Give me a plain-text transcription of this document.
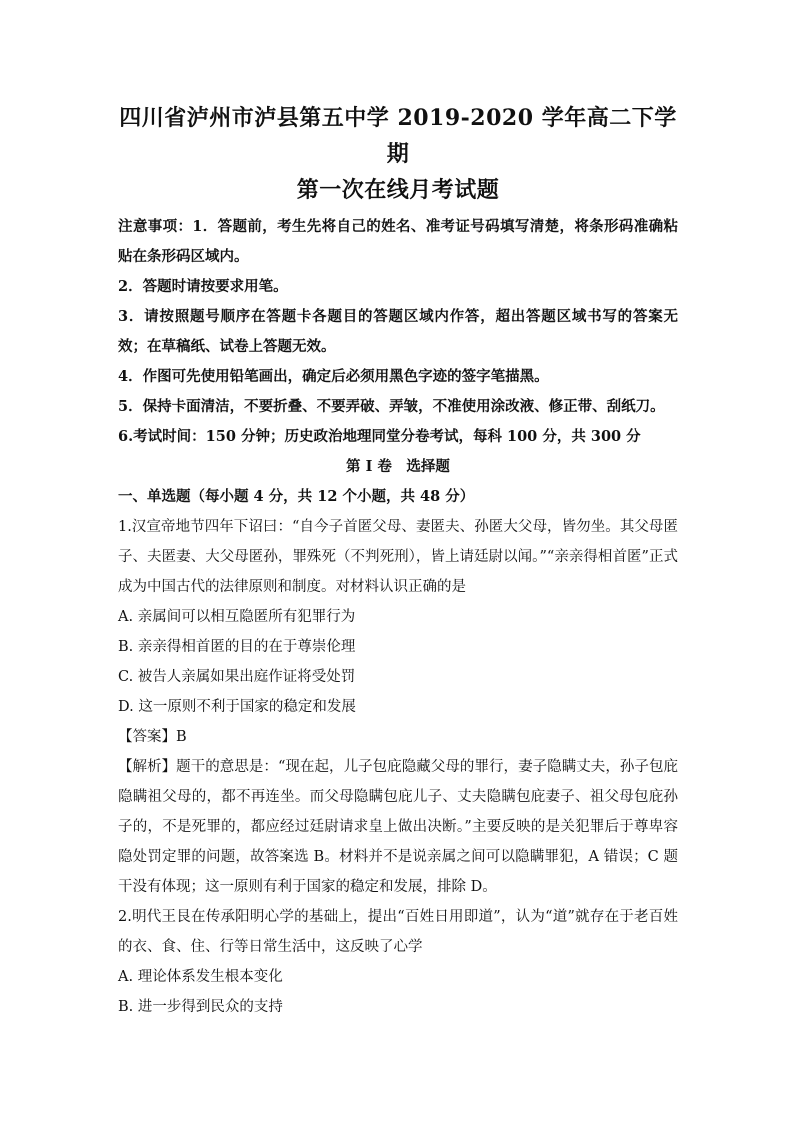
四川省泸州市泸县第五中学 2019-2020 学年高二下学期
第一次在线月考试题

注意事项：1．答题前，考生先将自己的姓名、准考证号码填写清楚，将条形码准确粘贴在条形码区域内。

2．答题时请按要求用笔。

3．请按照题号顺序在答题卡各题目的答题区域内作答，超出答题区域书写的答案无效；在草稿纸、试卷上答题无效。

4．作图可先使用铅笔画出，确定后必须用黑色字迹的签字笔描黑。

5．保持卡面清洁，不要折叠、不要弄破、弄皱，不准使用涂改液、修正带、刮纸刀。

6.考试时间：150 分钟；历史政治地理同堂分卷考试，每科 100 分，共 300 分

第 I 卷　选择题

一、单选题（每小题 4 分，共 12 个小题，共 48 分）

1.汉宣帝地节四年下诏曰：“自今子首匿父母、妻匿夫、孙匿大父母，皆勿坐。其父母匿子、夫匿妻、大父母匿孙，罪殊死（不判死刑），皆上请廷尉以闻。”“亲亲得相首匿”正式成为中国古代的法律原则和制度。对材料认识正确的是

A. 亲属间可以相互隐匿所有犯罪行为

B. 亲亲得相首匿的目的在于尊崇伦理

C. 被告人亲属如果出庭作证将受处罚

D. 这一原则不利于国家的稳定和发展

【答案】B

【解析】题干的意思是：“现在起，儿子包庇隐藏父母的罪行，妻子隐瞒丈夫，孙子包庇隐瞒祖父母的，都不再连坐。而父母隐瞒包庇儿子、丈夫隐瞒包庇妻子、祖父母包庇孙子的，不是死罪的，都应经过廷尉请求皇上做出决断。”主要反映的是关犯罪后于尊卑容隐处罚定罪的问题，故答案选 B。材料并不是说亲属之间可以隐瞒罪犯，A 错误；C 题干没有体现；这一原则有利于国家的稳定和发展，排除 D。

2.明代王艮在传承阳明心学的基础上，提出“百姓日用即道”，认为“道”就存在于老百姓的衣、食、住、行等日常生活中，这反映了心学

A. 理论体系发生根本变化

B. 进一步得到民众的支持
